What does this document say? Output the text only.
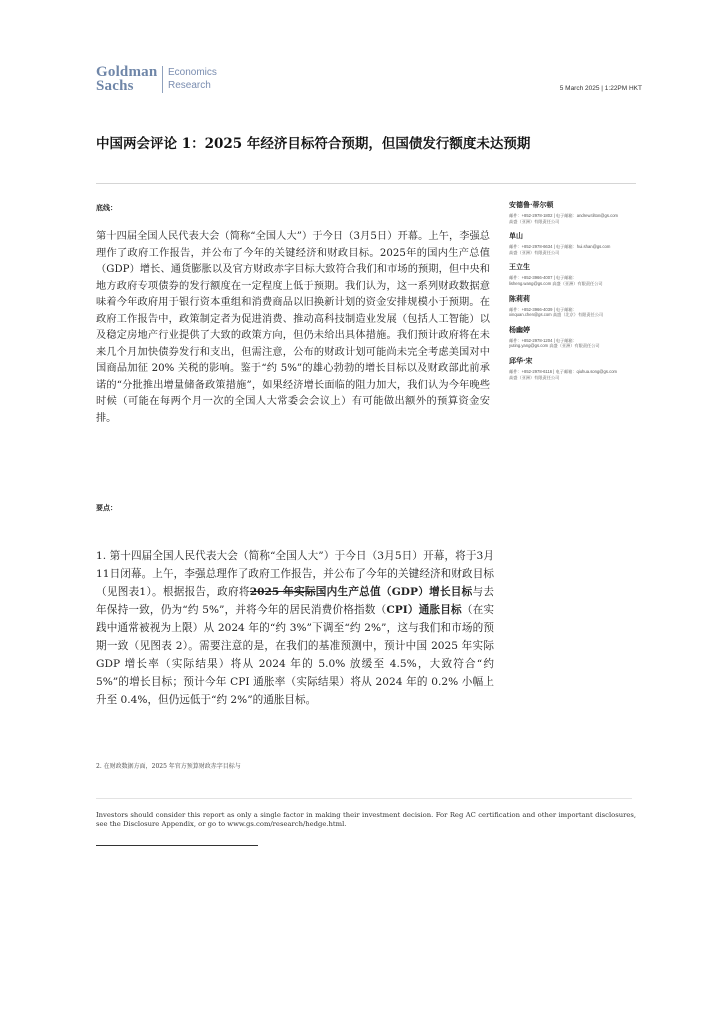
Goldman
Sachs
Economics
Research	5 March 2025 | 1:22PM HKT
中国两会评论 1：2025 年经济目标符合预期，但国债发行额度未达预期
底线：

第十四届全国人民代表大会（简称“全国人大”）于今日（3月5日）开幕。上午，李强总理作了政府工作报告，并公布了今年的关键经济和财政目标。2025年的国内生产总值（GDP）增长、通货膨胀以及官方财政赤字目标大致符合我们和市场的预期，但中央和地方政府专项债券的发行额度在一定程度上低于预期。我们认为，这一系列财政数据意味着今年政府用于银行资本重组和消费商品以旧换新计划的资金安排规模小于预期。在政府工作报告中，政策制定者为促进消费、推动高科技制造业发展（包括人工智能）以及稳定房地产行业提供了大致的政策方向，但仍未给出具体措施。我们预计政府将在未来几个月加快债券发行和支出，但需注意，公布的财政计划可能尚未完全考虑美国对中国商品加征 20% 关税的影响。鉴于“约 5%”的雄心勃勃的增长目标以及财政部此前承诺的“分批推出增量储备政策措施”，如果经济增长面临的阻力加大，我们认为今年晚些时候（可能在每两个月一次的全国人大常委会会议上）有可能做出额外的预算资金安排。

要点：

1. 第十四届全国人民代表大会（简称“全国人大”）于今日（3月5日）开幕，将于3月11日闭幕。上午，李强总理作了政府工作报告，并公布了今年的关键经济和财政目标（见图表1）。根据报告，政府将2025 年实际国内生产总值（GDP）增长目标与去年保持一致，仍为“约 5%”，并将今年的居民消费价格指数（CPI）通胀目标（在实践中通常被视为上限）从 2024 年的“约 3%”下调至“约 2%”，这与我们和市场的预期一致（见图表 2）。需要注意的是，在我们的基准预测中，预计中国 2025 年实际 GDP 增长率（实际结果）将从 2024 年的 5.0% 放缓至 4.5%，大致符合“约 5%”的增长目标；预计今年 CPI 通胀率（实际结果）将从 2024 年的 0.2% 小幅上升至 0.4%，但仍远低于“约 2%”的通胀目标。

2. 在财政数据方面，2025 年官方预算财政赤字目标与
安德鲁·蒂尔顿
邮件：+852-2978-1802 | 电子邮箱：andrew.tilton@gs.com
高盛（亚洲）有限责任公司
单山
邮件：+852-2978-6634 | 电子邮箱：hui.shan@gs.com
高盛（亚洲）有限责任公司
王立生
邮件：+852-3966-4007 | 电子邮箱：
lisheng.wang@gs.com 高盛（亚洲）有限责任公司
陈莉莉
邮件：+852-3966-4039 | 电子邮箱：
xinquan.chen@gs.com 高盛（北京）有限责任公司
杨幽婷
邮件：+852-2978-1204 | 电子邮箱：
yuting.yang@gs.com 高盛（亚洲）有限责任公司
邱华·宋
邮件：+852-2978-6116 | 电子邮箱：qiuhua.song@gs.com
高盛（亚洲）有限责任公司
Investors should consider this report as only a single factor in making their investment decision. For Reg AC certification and other important disclosures, see the Disclosure Appendix, or go to www.gs.com/research/hedge.html.
